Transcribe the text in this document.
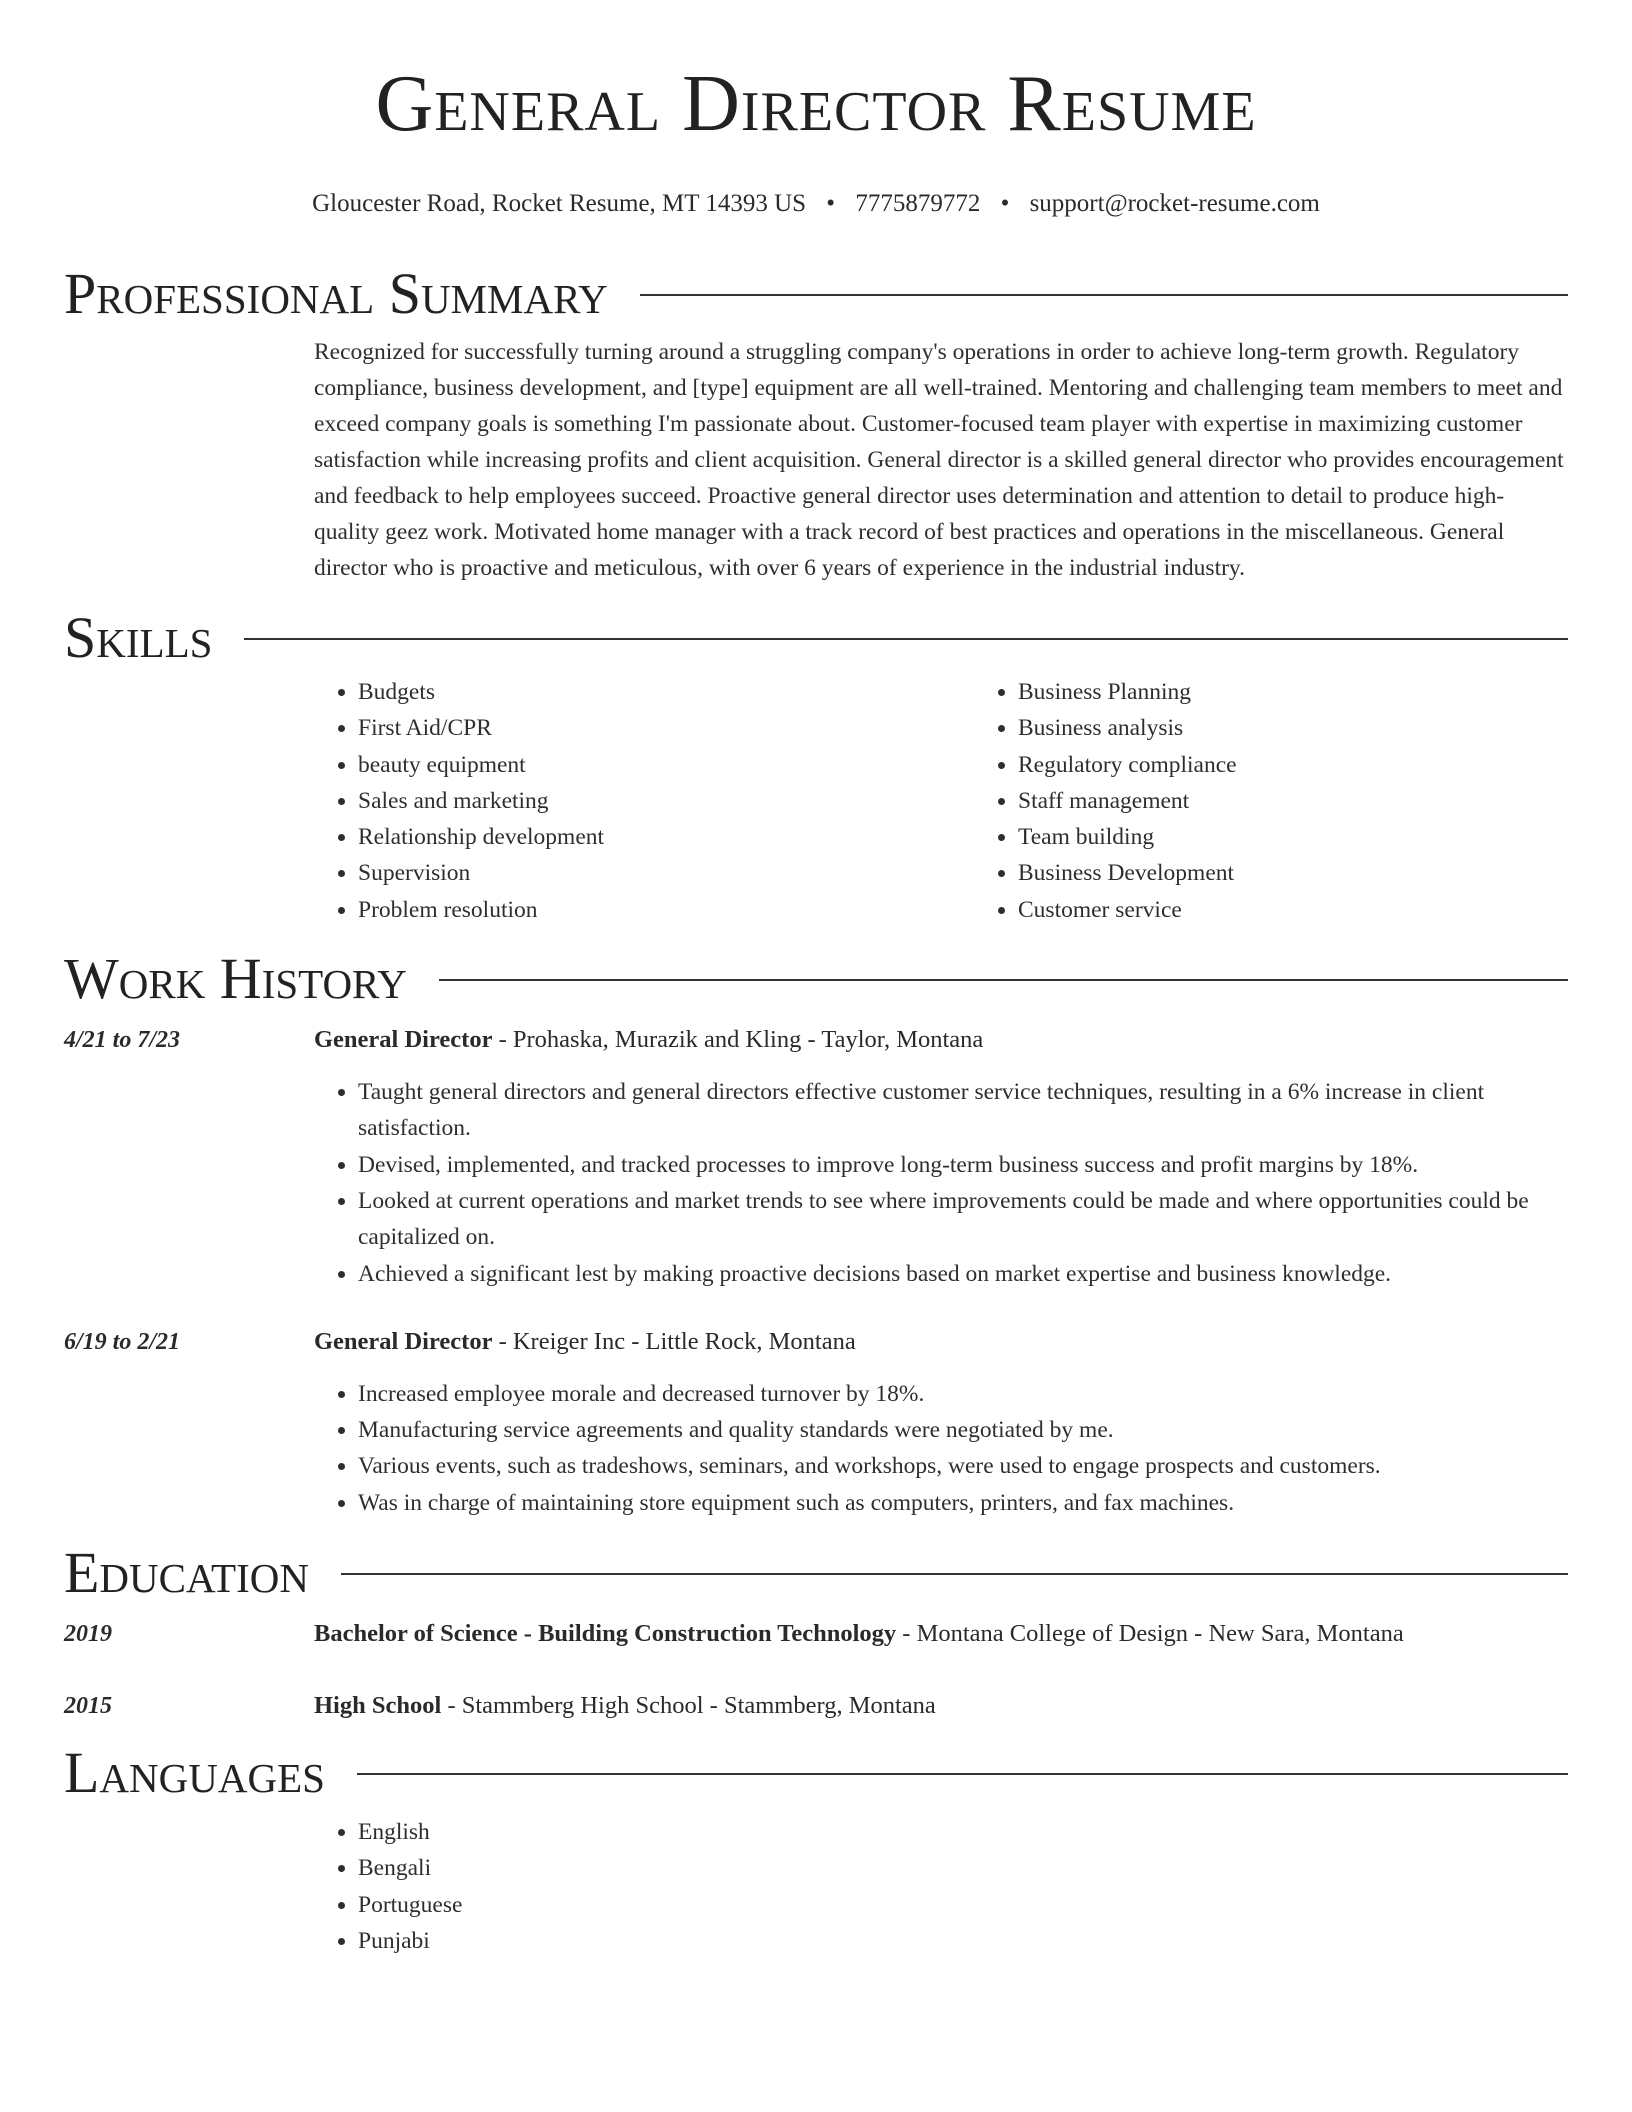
General Director Resume
Gloucester Road, Rocket Resume, MT 14393 US • 7775879772 • support@rocket-resume.com
Professional Summary
Recognized for successfully turning around a struggling company's operations in order to achieve long-term growth. Regulatory compliance, business development, and [type] equipment are all well-trained. Mentoring and challenging team members to meet and exceed company goals is something I'm passionate about. Customer-focused team player with expertise in maximizing customer satisfaction while increasing profits and client acquisition. General director is a skilled general director who provides encouragement and feedback to help employees succeed. Proactive general director uses determination and attention to detail to produce high-quality geez work. Motivated home manager with a track record of best practices and operations in the miscellaneous. General director who is proactive and meticulous, with over 6 years of experience in the industrial industry.
Skills
• Budgets
• First Aid/CPR
• beauty equipment
• Sales and marketing
• Relationship development
• Supervision
• Problem resolution
• Business Planning
• Business analysis
• Regulatory compliance
• Staff management
• Team building
• Business Development
• Customer service
Work History
4/21 to 7/23	General Director - Prohaska, Murazik and Kling - Taylor, Montana
• Taught general directors and general directors effective customer service techniques, resulting in a 6% increase in client satisfaction.
• Devised, implemented, and tracked processes to improve long-term business success and profit margins by 18%.
• Looked at current operations and market trends to see where improvements could be made and where opportunities could be capitalized on.
• Achieved a significant lest by making proactive decisions based on market expertise and business knowledge.
6/19 to 2/21	General Director - Kreiger Inc - Little Rock, Montana
• Increased employee morale and decreased turnover by 18%.
• Manufacturing service agreements and quality standards were negotiated by me.
• Various events, such as tradeshows, seminars, and workshops, were used to engage prospects and customers.
• Was in charge of maintaining store equipment such as computers, printers, and fax machines.
Education
2019	Bachelor of Science - Building Construction Technology - Montana College of Design - New Sara, Montana
2015	High School - Stammberg High School - Stammberg, Montana
Languages
• English
• Bengali
• Portuguese
• Punjabi
